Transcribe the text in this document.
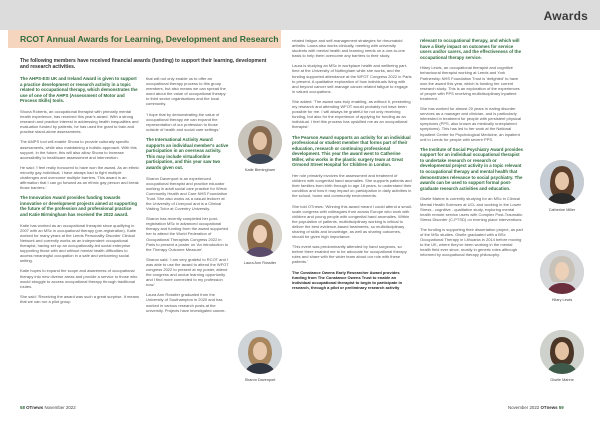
Awards
RCOT Annual Awards for Learning, Development and Research
The following members have received financial awards (funding) to support their learning, development and research activities.

The AHPS-ESI UK and Ireland Award is given to support a practice development or research activity in a topic related to occupational therapy, which demonstrates the use of one of the AHPS (Assessment of Motor and Process Skills) tools.

Shona Roberts, an occupational therapist with primarily mental health experience, has received this year's award. With a strong research and practice interest in addressing health inequalities and evaluation funded by patients, he has used the grant to train and practise stand-alone assessments.

The AMPS tool will enable Shona to provide culturally specific assessments, while also maintaining a holistic approach. With this support, in the future, this will also allow Shona to increase accessibility to healthcare assessment and intervention.

He said: 'I feel really honoured to have won the award. As an ethnic minority gay individual, I have always had to fight multiple challenges and overcome multiple barriers. This award is an affirmation that I can go forward as an ethnic gay person and break those barriers.'

The Innovation Award provides funding towards innovative or development projects aimed at supporting the future of the profession and professional practice and Katie Birmingham has received the 2022 award.

Katie has worked as an occupational therapist since qualifying in 2007 with an MSc in occupational therapy (pre-registration). Katie worked for many years at the Leeds Personality Disorder Clinical Network and currently works as an independent occupational therapist, having set up an occupationally-led social enterprise supporting those with and without mental health difficulties to access meaningful occupation in a safe and welcoming social setting.

Katie hopes to expand the scope and awareness of occupational therapy into new diverse areas and provide a service to those who would struggle to access occupational therapy through traditional routes.

She said: 'Receiving the award was such a great surprise. It means that we can run a pilot group

that will not only enable us to offer an occupational therapy process to this group members, but also means we can spread the word about the value of occupational therapy to third sector organisations and the local community.

'I hope that by demonstrating the value of occupational therapy we can expand the representation of our profession to those outside of health and social care settings.'

The International Activity Award supports an individual member's active participation in an overseas activity. This may include virtual/online participation, and this year saw two awards given out.

Sharon Davenport is an experienced occupational therapist and practice educator working in adult social care practice for Wirral Community Health and Care NHS Foundation Trust. She also works as a casual lecturer at the University of Liverpool and is a Clinical Visiting Tutor at Coventry University.

Sharon has recently completed her post-registration MSc in advanced occupational therapy and funding from the award supported her to attend the World Federation of Occupational Therapists Congress 2022 in Paris to present a poster on 'An introduction to the Therapy Outcome Measure'.

Sharon said: 'I am very grateful to RCOT and I was able to use the award to attend the WFOT congress 2022 to present at my poster, attend the congress and undue learning opportunity and I find more connected to my profession now.'

Laura Ann Rossiter graduated from the University of Southampton in 2020 and has worked in various research posts at the university. Projects have investigated cancer-

Katie Birmingham
Laura Ann Rossiter
Sharon Davenport

related fatigue and self-management strategies for rheumatoid arthritis. Laura also works clinically, meeting with university students with mental health and learning needs on a one-to-one basis to help them overcome any barriers to their study.

Laura is studying an MSc in workplace health and wellbeing part-time at the University of Nottingham while she works, and the funding supported attendance at the WFOT Congress 2022 in Paris to present. A qualitative exploration of how individuals living with and beyond cancer self-manage cancer-related fatigue to engage in valued occupations.

She added: 'The award was truly enabling, as without it, presenting my research and attending WFOT would probably not have been possible for me. I will always be grateful for not only receiving funding, but also for the experience of applying for funding as an individual. I feel this process has upskilled me as an occupational therapist.'

The Pearson Award supports an activity for an individual professional or student member that forms part of their education, research or continuing professional development. This year the award went to Catherine Miller, who works in the plastic surgery team at Great Ormond Street Hospital for Children in London.

Her role primarily involves the assessment and treatment of children with congenital hand anomalies. She supports patients and their families from birth through to age 18 years, to understand their condition and how it may impact on participation in daily activities in the school, home and community environments.

She told OTnews: 'Winning this award meant I could attend a small-scale congress with colleagues from across Europe who work with children and young people with congenital hand anomalies. Within the population of patients, multidisciplinary working is critical to deliver the best evidence-based treatments, so multidisciplinary sharing of skills and knowledge, as well as sharing outcomes, should be given high importance.

'This event was predominantly attended by hand surgeons, so before there enabled me to be advocate for occupational therapy roles and share with the wider team about our role with these patients.'

The Constance Owens Early Researcher Award provides funding from The Constance Owens Trust to enable an individual occupational therapist to begin to participate in research, through a pilot or preliminary research activity

relevant to occupational therapy, and which will have a likely impact on outcomes for service users and/or carers, and the effectiveness of the occupational therapy service.

Hilary Lewis, an occupational therapist and cognitive behavioural therapist working at Leeds and York Partnership NHS Foundation Trust is 'delighted' to have won the award this year, which is funding her current research study. This is an exploration of the experiences of people with PPS receiving multidisciplinary inpatient treatment.

She has worked for almost 20 years in eating disorder services as a manager and clinician, and is particularly interested in treatment for people with persistent physical symptoms (PPS, also known as medically unexplained symptoms). This has led to her work at the National Inpatient Centre for Psychological Medicine, an inpatient unit in Leeds for people with severe PPS.

The Institute of Social Psychiatry Award provides support for an individual occupational therapist to undertake research or research or developmental project activity in a topic relevant to occupational therapy and mental health that demonstrates relevance to social psychiatry. The awards can be used to support formal post-graduate research activities and education.

Gisèle Mahne is currently studying for an MSc in Clinical Mental Health Sciences at UCL and working in the Lower Stress - cognitive - qualitative study, exploring mental health remote service users with Complex Post-Traumatic Stress Disorder (C-PTSD) on evening place interventions.

The funding is supporting their dissertation project, as part of the MSc studies. Gisèle graduated with a BSc Occupational Therapy in Lithuania in 2014 before moving to the UK, where they've been working in the mental health field ever since, mostly in generic roles although informed by occupational therapy philosophy.

Catherine Miller
Hilary Lewis
Gisèle Mahne
58 OTnews November 2022	November 2022 OTnews 59
